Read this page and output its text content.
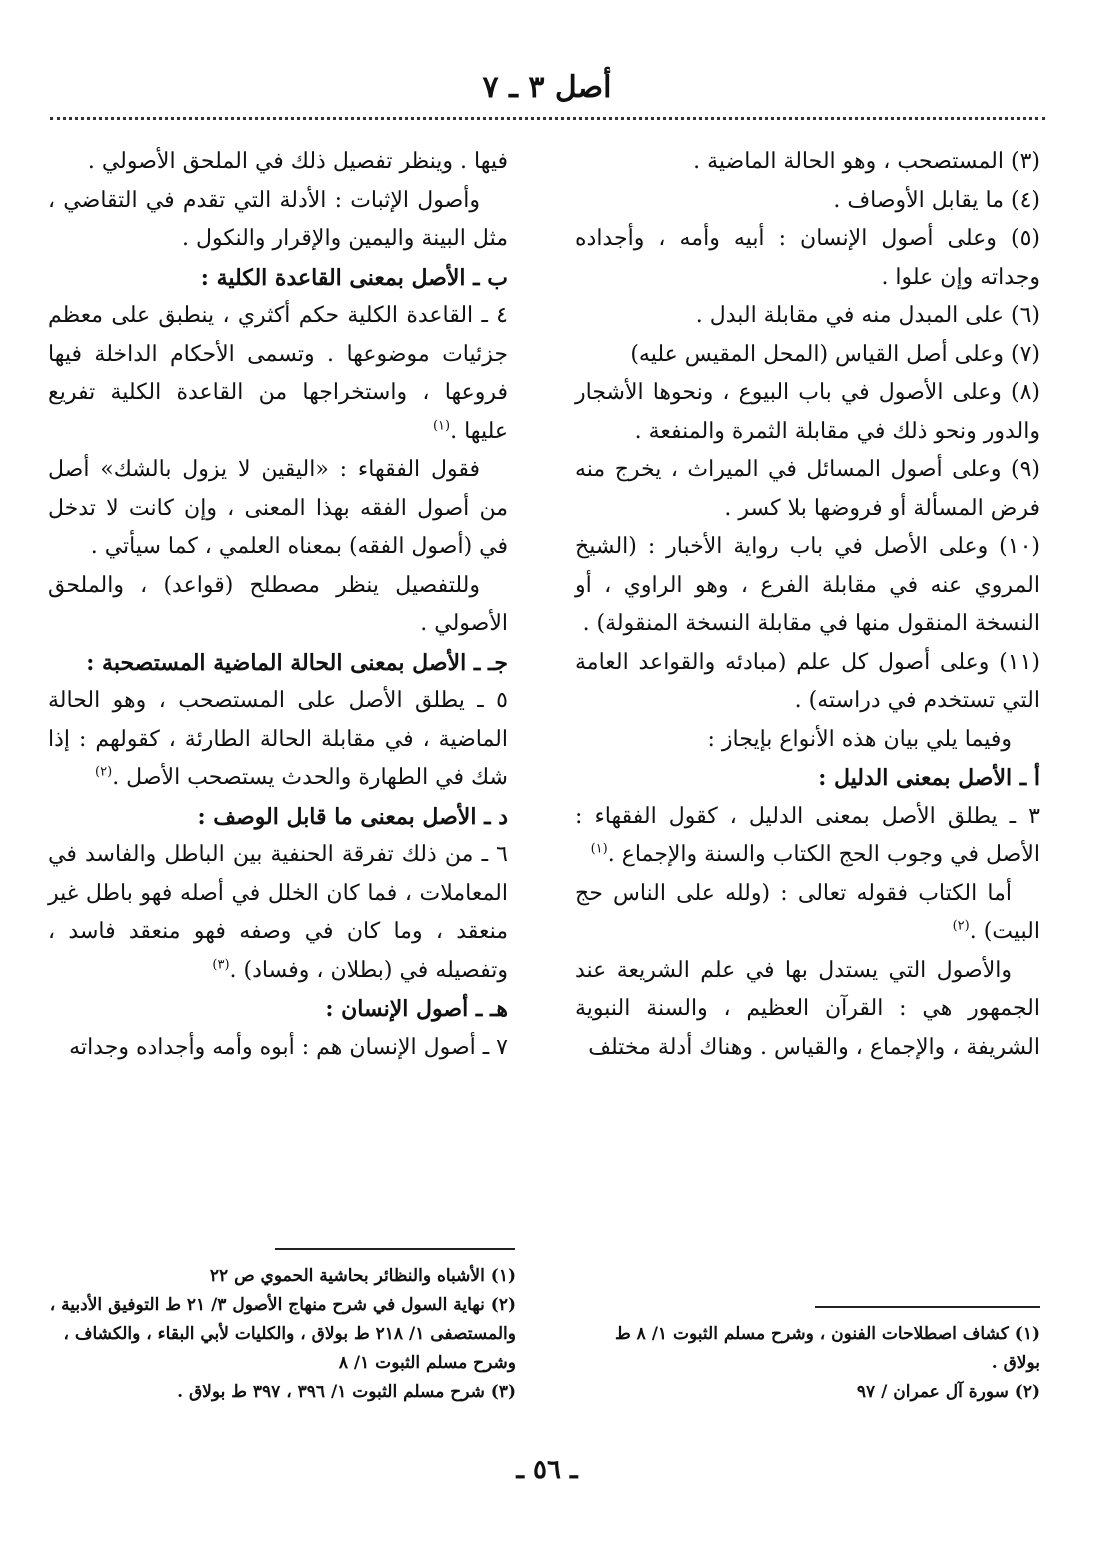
أصل ٣ ـ ٧

(٣) المستصحب ، وهو الحالة الماضية .

(٤) ما يقابل الأوصاف .

(٥) وعلى أصول الإنسان : أبيه وأمه ، وأجداده وجداته وإن علوا .

(٦) على المبدل منه في مقابلة البدل .

(٧) وعلى أصل القياس (المحل المقيس عليه)

(٨) وعلى الأصول في باب البيوع ، ونحوها الأشجار والدور ونحو ذلك في مقابلة الثمرة والمنفعة .

(٩) وعلى أصول المسائل في الميراث ، يخرج منه فرض المسألة أو فروضها بلا كسر .

(١٠) وعلى الأصل في باب رواية الأخبار : (الشيخ المروي عنه في مقابلة الفرع ، وهو الراوي ، أو النسخة المنقول منها في مقابلة النسخة المنقولة) .

(١١) وعلى أصول كل علم (مبادئه والقواعد العامة التي تستخدم في دراسته) .

وفيما يلي بيان هذه الأنواع بإيجاز :

أ ـ الأصل بمعنى الدليل :

٣ ـ يطلق الأصل بمعنى الدليل ، كقول الفقهاء : الأصل في وجوب الحج الكتاب والسنة والإجماع .$^{(١)}$

أما الكتاب فقوله تعالى : (ولله على الناس حج البيت) .$^{(٢)}$

والأصول التي يستدل بها في علم الشريعة عند الجمهور هي : القرآن العظيم ، والسنة النبوية الشريفة ، والإجماع ، والقياس . وهناك أدلة مختلف

فيها . وينظر تفصيل ذلك في الملحق الأصولي .

وأصول الإثبات : الأدلة التي تقدم في التقاضي ، مثل البينة واليمين والإقرار والنكول .

ب ـ الأصل بمعنى القاعدة الكلية :

٤ ـ القاعدة الكلية حكم أكثري ، ينطبق على معظم جزئيات موضوعها . وتسمى الأحكام الداخلة فيها فروعها ، واستخراجها من القاعدة الكلية تفريع عليها .$^{(١)}$

فقول الفقهاء : «اليقين لا يزول بالشك» أصل من أصول الفقه بهذا المعنى ، وإن كانت لا تدخل في (أصول الفقه) بمعناه العلمي ، كما سيأتي .

وللتفصيل ينظر مصطلح (قواعد) ، والملحق الأصولي .

جـ ـ الأصل بمعنى الحالة الماضية المستصحبة :

٥ ـ يطلق الأصل على المستصحب ، وهو الحالة الماضية ، في مقابلة الحالة الطارئة ، كقولهم : إذا شك في الطهارة والحدث يستصحب الأصل .$^{(٢)}$

د ـ الأصل بمعنى ما قابل الوصف :

٦ ـ من ذلك تفرقة الحنفية بين الباطل والفاسد في المعاملات ، فما كان الخلل في أصله فهو باطل غير منعقد ، وما كان في وصفه فهو منعقد فاسد ، وتفصيله في (بطلان ، وفساد) .$^{(٣)}$

هـ ـ أصول الإنسان :

٧ ـ أصول الإنسان هم : أبوه وأمه وأجداده وجداته

(١) الأشباه والنظائر بحاشية الحموي ص ٢٢

(٢) نهاية السول في شرح منهاج الأصول ٣/ ٢١ ط التوفيق الأدبية ، والمستصفى ١/ ٢١٨ ط بولاق ، والكليات لأبي البقاء ، والكشاف ، وشرح مسلم الثبوت ١/ ٨

(٣) شرح مسلم الثبوت ١/ ٣٩٦ ، ٣٩٧ ط بولاق .

(١) كشاف اصطلاحات الفنون ، وشرح مسلم الثبوت ١/ ٨ ط بولاق .

(٢) سورة آل عمران / ٩٧

ـ ٥٦ ـ
